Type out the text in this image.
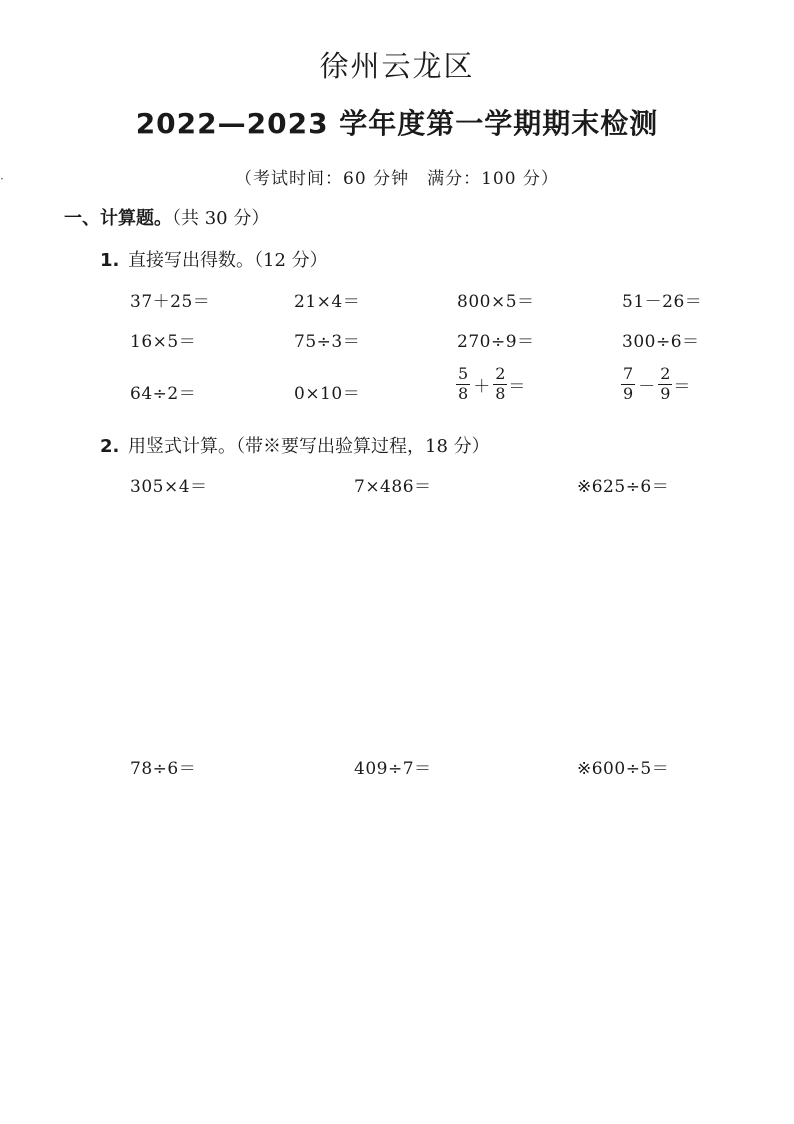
·
徐州云龙区
2022—2023 学年度第一学期期末检测
（考试时间：60 分钟　满分：100 分）
一、计算题。（共 30 分）
1. 直接写出得数。（12 分）
37＋25＝	21×4＝	800×5＝	51－26＝
16×5＝	75÷3＝	270÷9＝	300÷6＝
64÷2＝	0×10＝	$\frac{5}{8} + \frac{2}{8}$ ＝	$\frac{7}{9} - \frac{2}{9}$ ＝
2. 用竖式计算。（带※要写出验算过程，18 分）
305×4＝	7×486＝	※625÷6＝
78÷6＝	409÷7＝	※600÷5＝
